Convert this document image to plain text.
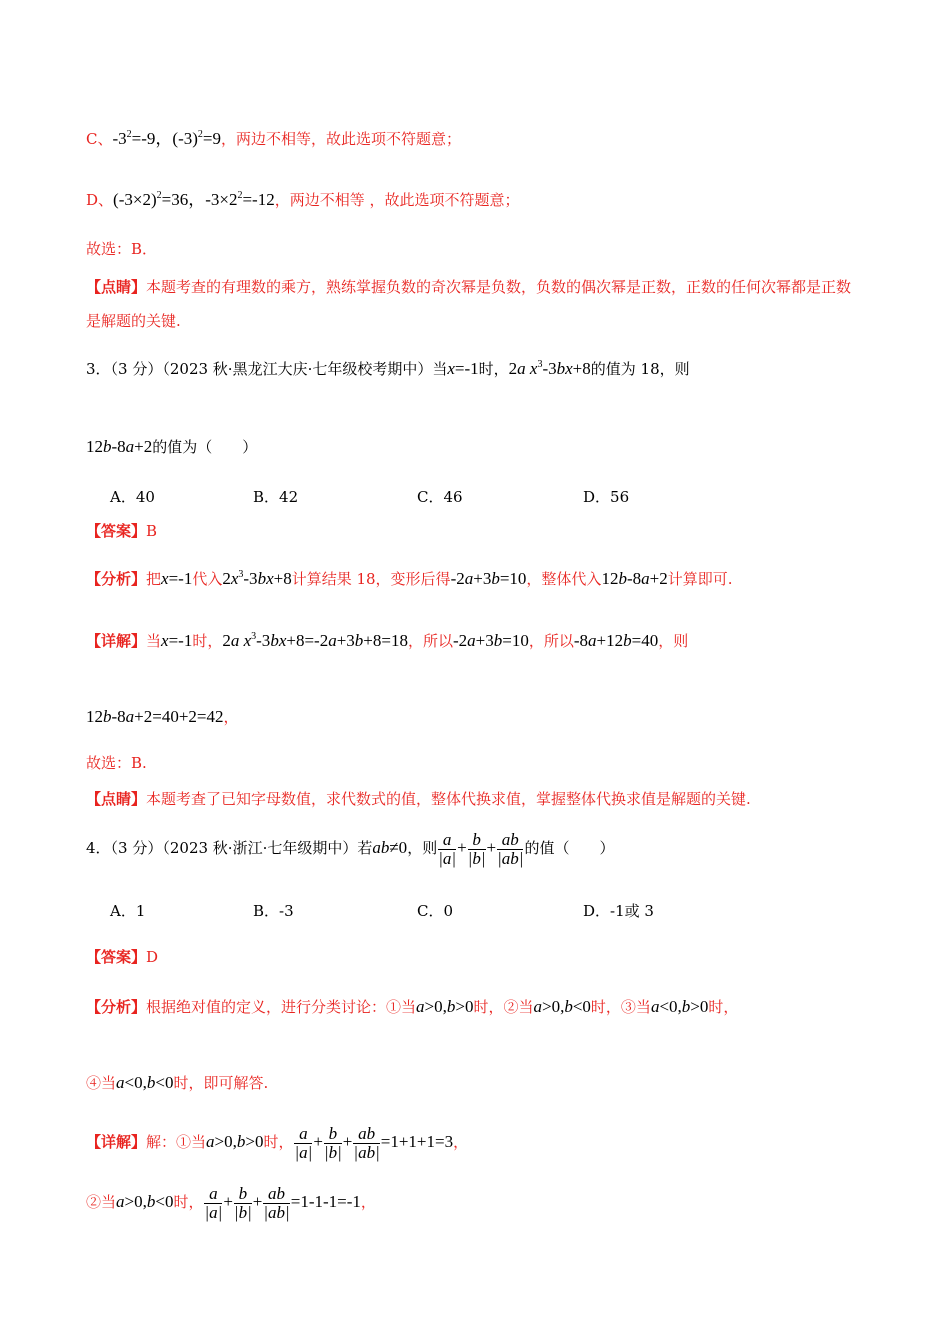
C、$-3^2=-9$，$(-3)^2=9$，两边不相等，故此选项不符题意；
D、$(-3\times 2)^2=36$，$-3\times 2^2=-12$，两边不相等 ，故此选项不符题意；
故选：B．
【点睛】本题考查的有理数的乘方，熟练掌握负数的奇次幂是负数，负数的偶次幂是正数，正数的任何次幂都是正数是解题的关键.
3．（3 分）（2023 秋·黑龙江大庆·七年级校考期中）当x=-1时，2a $x^3-3bx+8$的值为 18，则
12b-8a+2的值为（　　）
A．40	B．42	C．46	D．56
【答案】B
【分析】把x=-1代入$2x^3-3bx+8$计算结果 18，变形后得-2a+3b=10，整体代入12b-8a+2计算即可.
【详解】当x=-1时，2a $x^3-3bx+8=-2a+3b+8=18$，所以-2a+3b=10，所以-8a+12b=40，则
12b-8a+2=40+2=42，
故选：B.
【点睛】本题考查了已知字母数值，求代数式的值，整体代换求值，掌握整体代换求值是解题的关键.
4．（3 分）（2023 秋·浙江·七年级期中）若ab≠0，则 $\frac{a}{|a|} + \frac{b}{|b|} + \frac{ab}{|ab|}$ 的值（　　）
A．1	B．-3	C．0	D．-1或 3
【答案】D
【分析】根据绝对值的定义，进行分类讨论：①当a>0,b>0时，②当a>0,b<0时，③当a<0,b>0时，
④当a<0,b<0时，即可解答.
【详解】解：①当a>0,b>0时， $\frac{a}{|a|} + \frac{b}{|b|} + \frac{ab}{|ab|} =1+1+1=3$，
②当a>0,b<0时， $\frac{a}{|a|} + \frac{b}{|b|} + \frac{ab}{|ab|} =1-1-1=-1$，
